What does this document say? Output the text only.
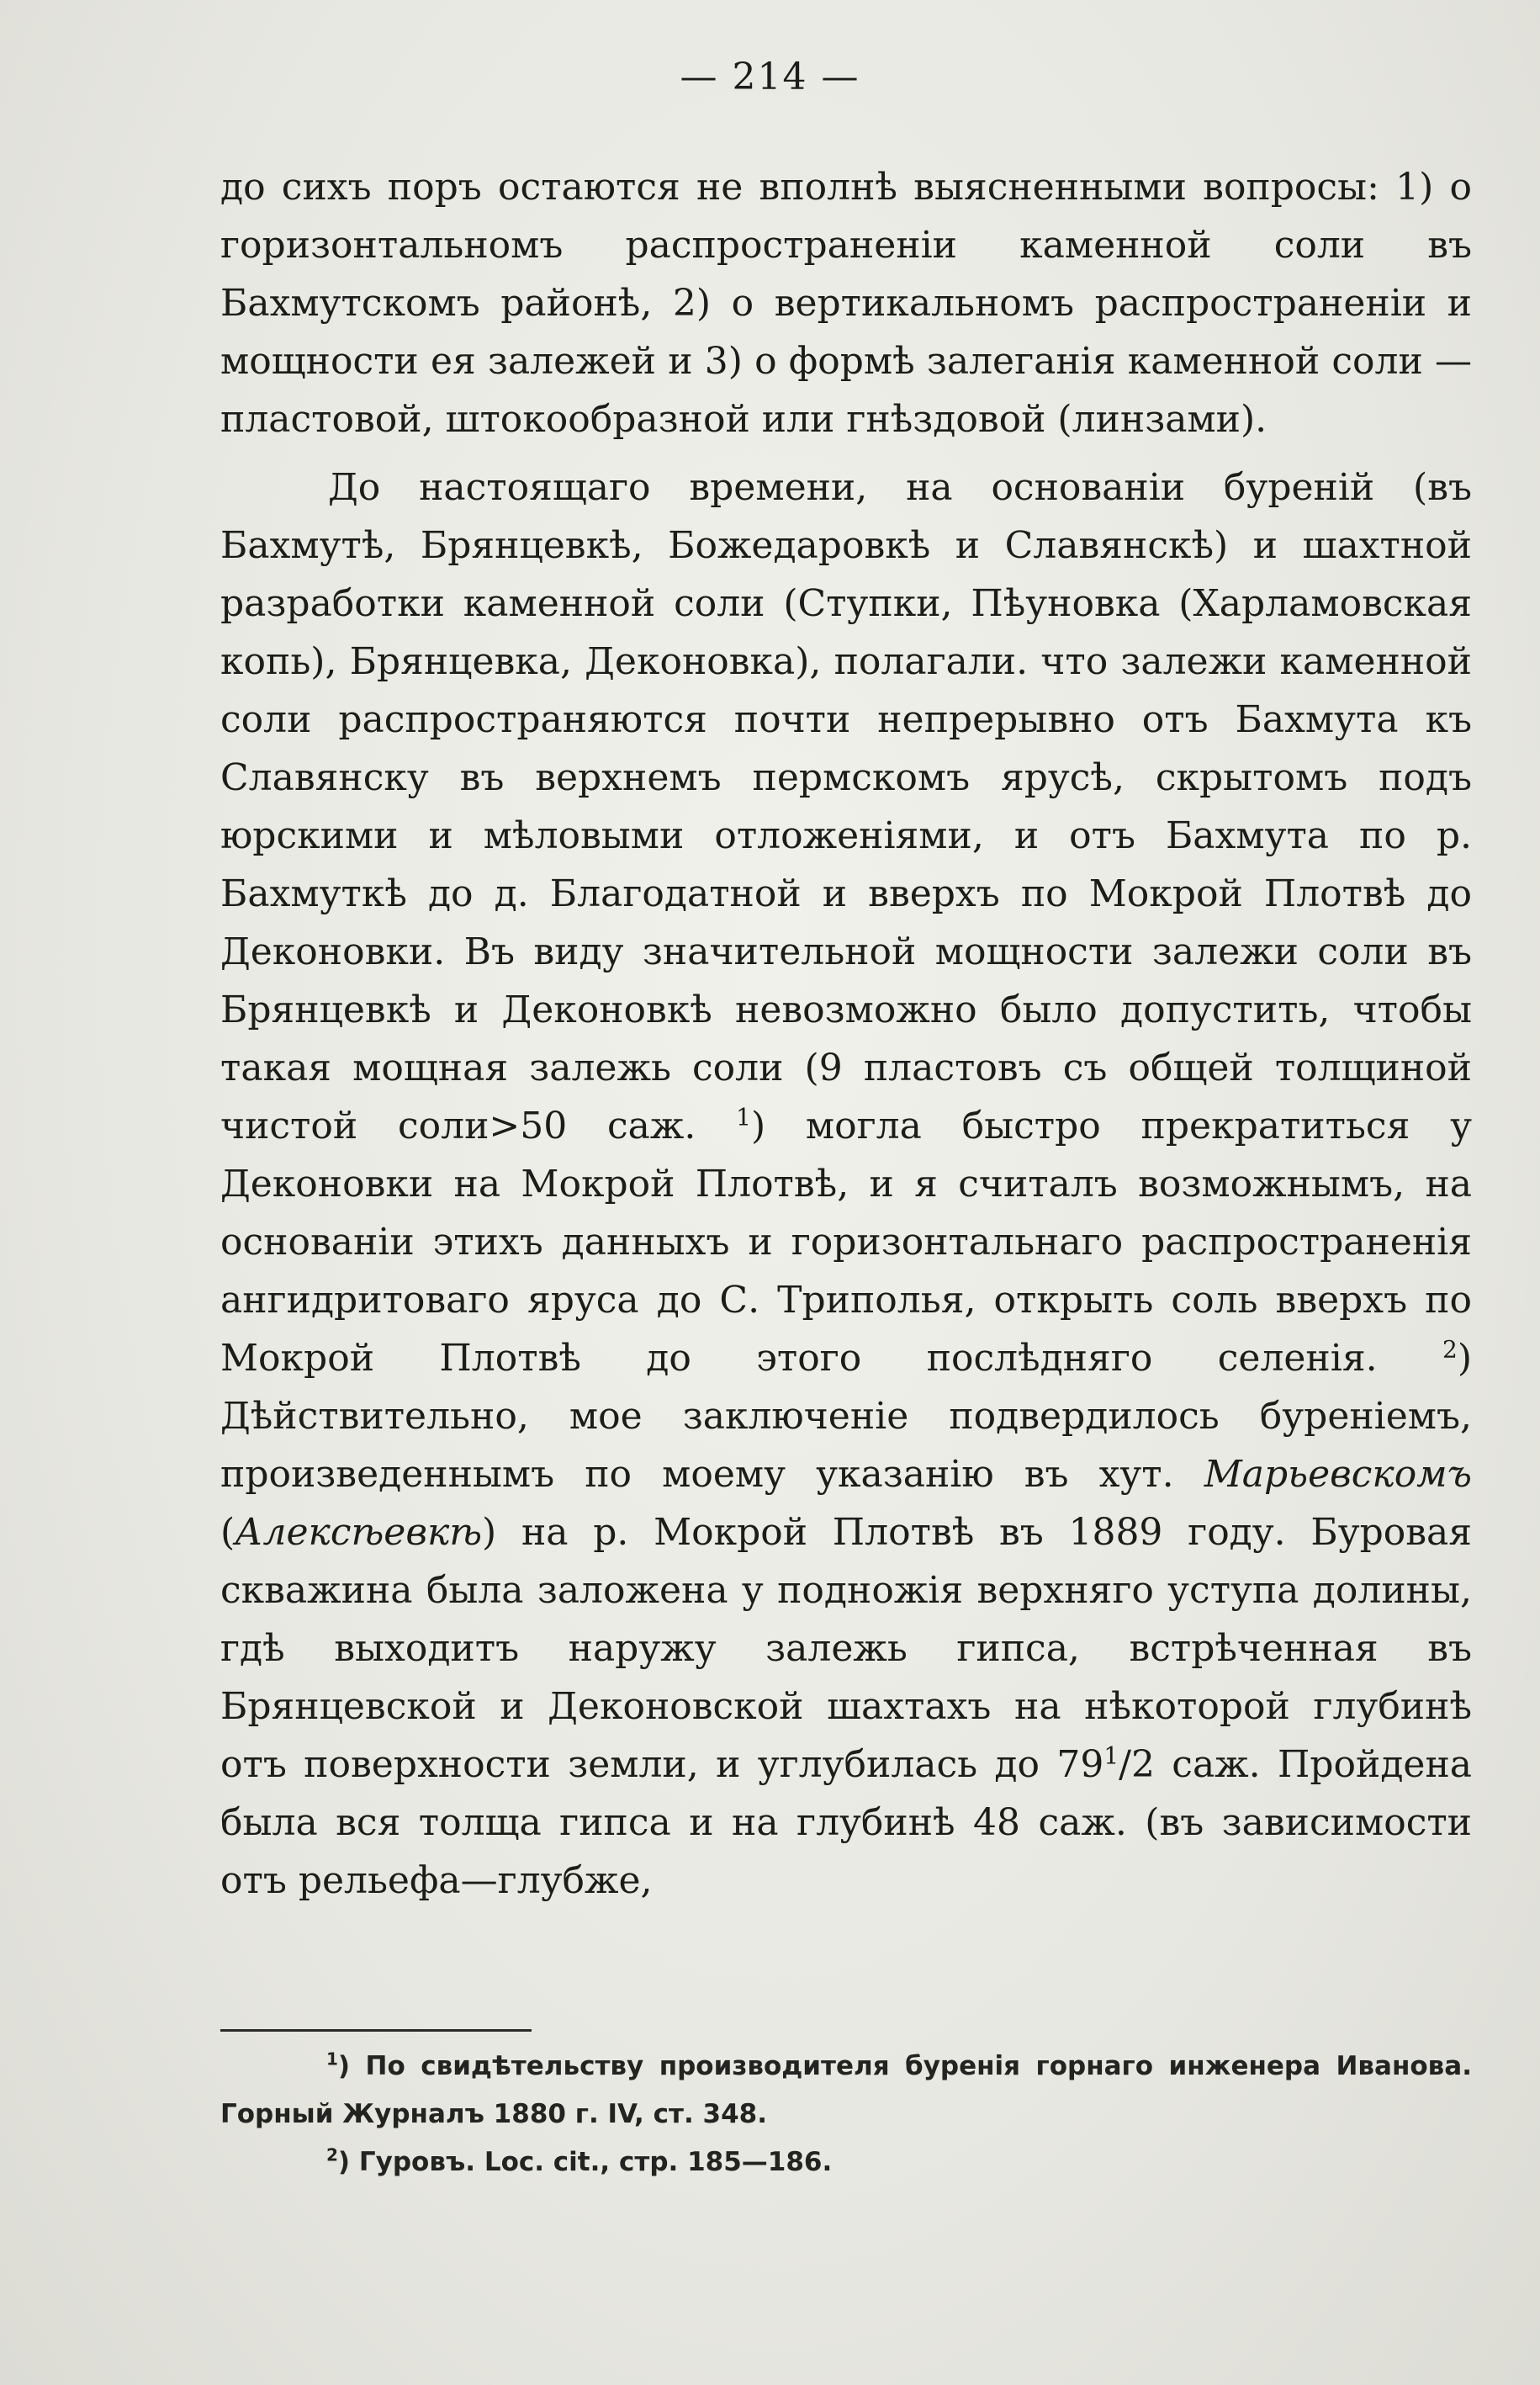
— 214 —

до сихъ поръ остаются не вполнѣ выясненными вопросы: 1) о горизонтальномъ распространеніи каменной соли въ Бахмутскомъ районѣ, 2) о вертикальномъ распространеніи и мощности ея залежей и 3) о формѣ залеганія каменной соли — пластовой, штокообразной или гнѣздовой (линзами).

До настоящаго времени, на основаніи буреній (въ Бахмутѣ, Брянцевкѣ, Божедаровкѣ и Славянскѣ) и шахтной разработки каменной соли (Ступки, Пѣуновка (Харламовская копь), Брянцевка, Деконовка), полагали. что залежи каменной соли распространяются почти непрерывно отъ Бахмута къ Славянску въ верхнемъ пермскомъ ярусѣ, скрытомъ подъ юрскими и мѣловыми отложеніями, и отъ Бахмута по р. Бахмуткѣ до д. Благодатной и вверхъ по Мокрой Плотвѣ до Деконовки. Въ виду значительной мощности залежи соли въ Брянцевкѣ и Деконовкѣ невозможно было допустить, чтобы такая мощная залежь соли (9 пластовъ съ общей толщиной чистой соли>50 саж. $^1$) могла быстро прекратиться у Деконовки на Мокрой Плотвѣ, и я считалъ возможнымъ, на основаніи этихъ данныхъ и горизонтальнаго распространенія ангидритоваго яруса до С. Триполья, открыть соль вверхъ по Мокрой Плотвѣ до этого послѣдняго селенія.	$^2$) Дѣйствительно, мое заключеніе подвердилось буреніемъ, произведеннымъ по моему указанію въ хут. Марьевскомъ (Алексѣевкѣ) на р. Мокрой Плотвѣ въ 1889 году. Буровая скважина была заложена у подножія верхняго уступа долины, гдѣ выходитъ наружу залежь гипса, встрѣченная въ Брянцевской и Деконовской шахтахъ на нѣкоторой глубинѣ отъ поверхности земли, и углубилась до $79^1/2$ саж. Пройдена была вся толща гипса и на глубинѣ 48 саж. (въ зависимости отъ рельефа—глубже,

$^1$) По свидѣтельству производителя буренія горнаго инженера Иванова. Горный Журналъ 1880 г. IV, ст. 348.

$^2$) Гуровъ. Loc. cit., стр. 185—186.
